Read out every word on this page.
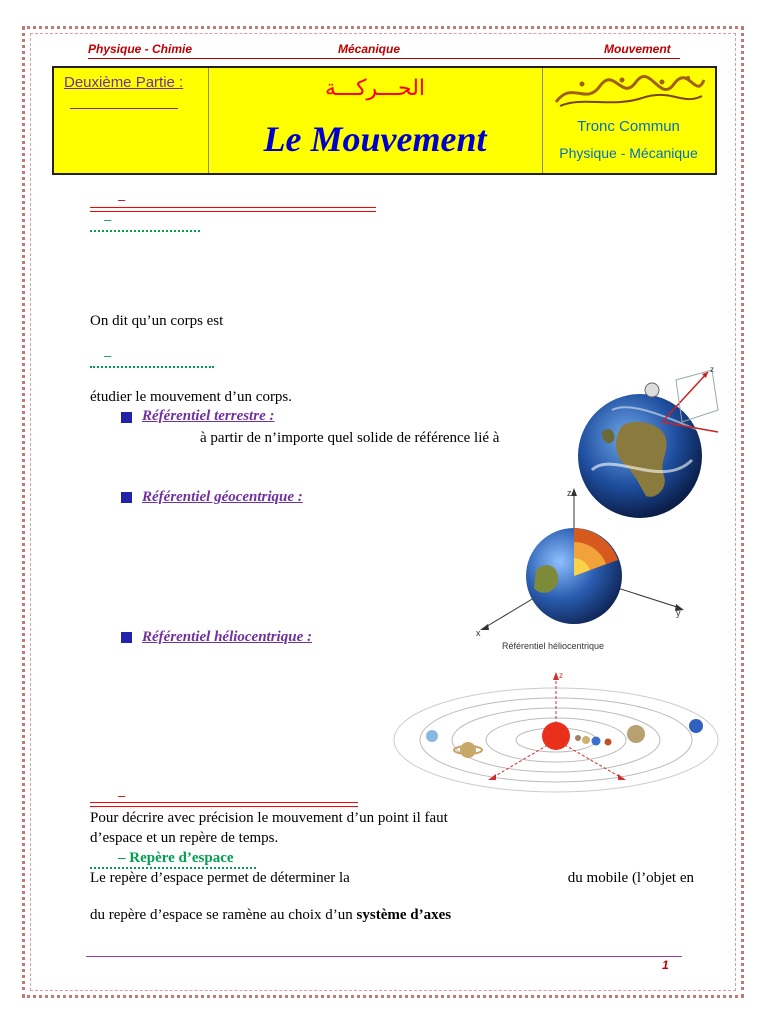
Physique - Chimie	Mécanique	Mouvement
Deuxième Partie :	الحـــركـــة
Le Mouvement	Tronc Commun
Physique - Mécanique
–
–
On dit qu’un corps est
–
étudier le mouvement d’un corps.
Référentiel terrestre :
à partir de n’importe quel solide de référence lié à
Référentiel géocentrique :
Référentiel héliocentrique :
–
Pour décrire avec précision le mouvement d’un point il faut
d’espace et un repère de temps.
– Repère d’espace
Le repère d’espace permet de déterminer la	du mobile (l’objet en
du repère d’espace se ramène au choix d’un système d’axes
z
z
y
x
Référentiel héliocentrique
z
1
